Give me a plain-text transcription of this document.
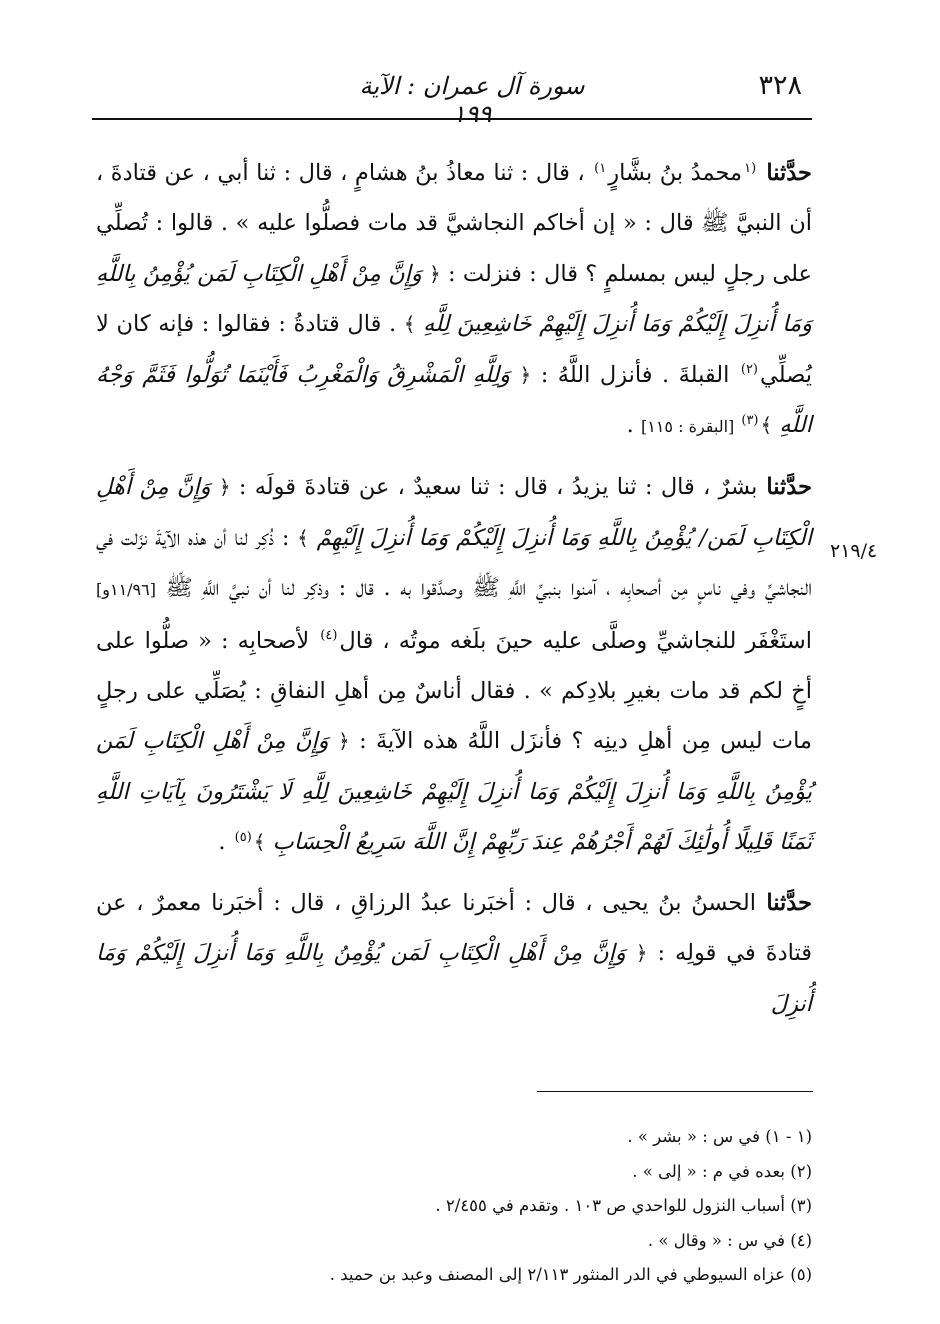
٣٢٨
سورة آل عمران : الآية ١٩٩
٢١٩/٤

حدَّثنا $^{(١}$محمدُ بنُ بشَّارٍ$^{١)}$ ، قال : ثنا معاذُ بنُ هشامٍ ، قال : ثنا أبي ، عن قتادةَ ، أن النبيَّ ﷺ قال : « إن أخاكم النجاشيَّ قد مات فصلُّوا عليه » . قالوا : تُصلِّي على رجلٍ ليس بمسلمٍ ؟ قال : فنزلت : ﴿ وَإِنَّ مِنْ أَهْلِ الْكِتَابِ لَمَن يُؤْمِنُ بِاللَّهِ وَمَا أُنزِلَ إِلَيْكُمْ وَمَا أُنزِلَ إِلَيْهِمْ خَاشِعِينَ لِلَّهِ ﴾ . قال قتادةُ : فقالوا : فإنه كان لا يُصلِّي$^{(٢)}$ القبلةَ . فأنزل اللَّهُ : ﴿ وَلِلَّهِ الْمَشْرِقُ وَالْمَغْرِبُ فَأَيْنَمَا تُوَلُّوا فَثَمَّ وَجْهُ اللَّهِ ﴾$^{(٣)}$ [البقرة : ١١٥] .

حدَّثنا بشرٌ ، قال : ثنا يزيدُ ، قال : ثنا سعيدٌ ، عن قتادةَ قولَه : ﴿ وَإِنَّ مِنْ أَهْلِ الْكِتَابِ لَمَن/ يُؤْمِنُ بِاللَّهِ وَمَا أُنزِلَ إِلَيْكُمْ وَمَا أُنزِلَ إِلَيْهِمْ ﴾ : ذُكِر لنا أن هذه الآيةَ نزَلت في النجاشيِّ وفي ناسٍ مِن أصحابِه ، آمنوا بنبيِّ اللَّهِ ﷺ وصدَّقوا به . قال : وذكِر لنا أن نبيَّ اللَّهِ ﷺ [١١/٩٦و] استَغْفَر للنجاشيِّ وصلَّى عليه حينَ بلَغه موتُه ، قال$^{(٤)}$ لأصحابِه : « صلُّوا على أخٍ لكم قد مات بغيرِ بلادِكم » . فقال أناسٌ مِن أهلِ النفاقِ : يُصَلِّي على رجلٍ مات ليس مِن أهلِ دينِه ؟ فأنزَل اللَّهُ هذه الآيةَ : ﴿ وَإِنَّ مِنْ أَهْلِ الْكِتَابِ لَمَن يُؤْمِنُ بِاللَّهِ وَمَا أُنزِلَ إِلَيْكُمْ وَمَا أُنزِلَ إِلَيْهِمْ خَاشِعِينَ لِلَّهِ لَا يَشْتَرُونَ بِآيَاتِ اللَّهِ ثَمَنًا قَلِيلًا أُولَٰئِكَ لَهُمْ أَجْرُهُمْ عِندَ رَبِّهِمْ إِنَّ اللَّهَ سَرِيعُ الْحِسَابِ ﴾$^{(٥)}$ .

حدَّثنا الحسنُ بنُ يحيى ، قال : أخبَرنا عبدُ الرزاقِ ، قال : أخبَرنا معمرٌ ، عن قتادةَ في قولِه : ﴿ وَإِنَّ مِنْ أَهْلِ الْكِتَابِ لَمَن يُؤْمِنُ بِاللَّهِ وَمَا أُنزِلَ إِلَيْكُمْ وَمَا أُنزِلَ

(١ - ١) في س : « بشر » .

(٢) بعده في م : « إلى » .

(٣) أسباب النزول للواحدي ص ١٠٣ . وتقدم في ٢/٤٥٥ .

(٤) في س : « وقال » .

(٥) عزاه السيوطي في الدر المنثور ٢/١١٣ إلى المصنف وعبد بن حميد .
